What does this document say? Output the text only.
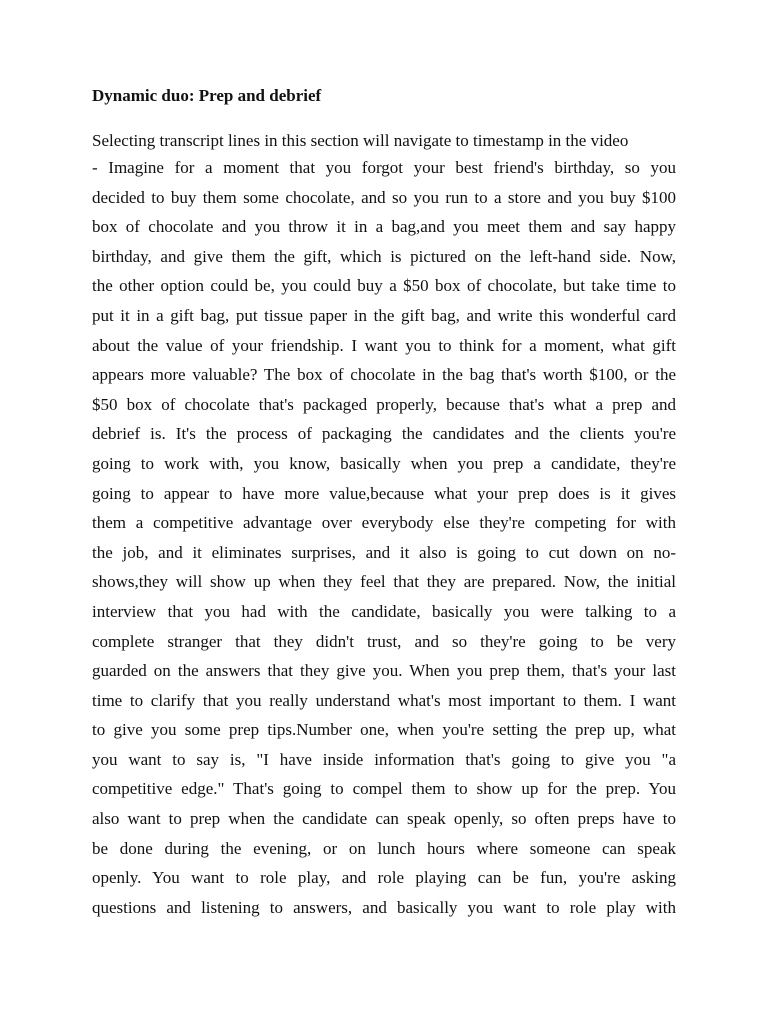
Dynamic duo: Prep and debrief

Selecting transcript lines in this section will navigate to timestamp in the video

- Imagine for a moment that you forgot your best friend's birthday, so you
decided to buy them some chocolate, and so you run to a store and you buy $100
box of chocolate and you throw it in a bag,and you meet them and say happy
birthday, and give them the gift, which is pictured on the left-hand side. Now,
the other option could be, you could buy a $50 box of chocolate, but take time to
put it in a gift bag, put tissue paper in the gift bag, and write this wonderful card
about the value of your friendship. I want you to think for a moment, what gift
appears more valuable? The box of chocolate in the bag that's worth $100, or the
$50 box of chocolate that's packaged properly, because that's what a prep and
debrief is. It's the process of packaging the candidates and the clients you're
going to work with, you know, basically when you prep a candidate, they're
going to appear to have more value,because what your prep does is it gives
them a competitive advantage over everybody else they're competing for with
the job, and it eliminates surprises, and it also is going to cut down on no-
shows,they will show up when they feel that they are prepared. Now, the initial
interview that you had with the candidate, basically you were talking to a
complete stranger that they didn't trust, and so they're going to be very
guarded on the answers that they give you. When you prep them, that's your last
time to clarify that you really understand what's most important to them. I want
to give you some prep tips.Number one, when you're setting the prep up, what
you want to say is, "I have inside information that's going to give you "a
competitive edge." That's going to compel them to show up for the prep. You
also want to prep when the candidate can speak openly, so often preps have to
be done during the evening, or on lunch hours where someone can speak
openly. You want to role play, and role playing can be fun, you're asking
questions and listening to answers, and basically you want to role play with
